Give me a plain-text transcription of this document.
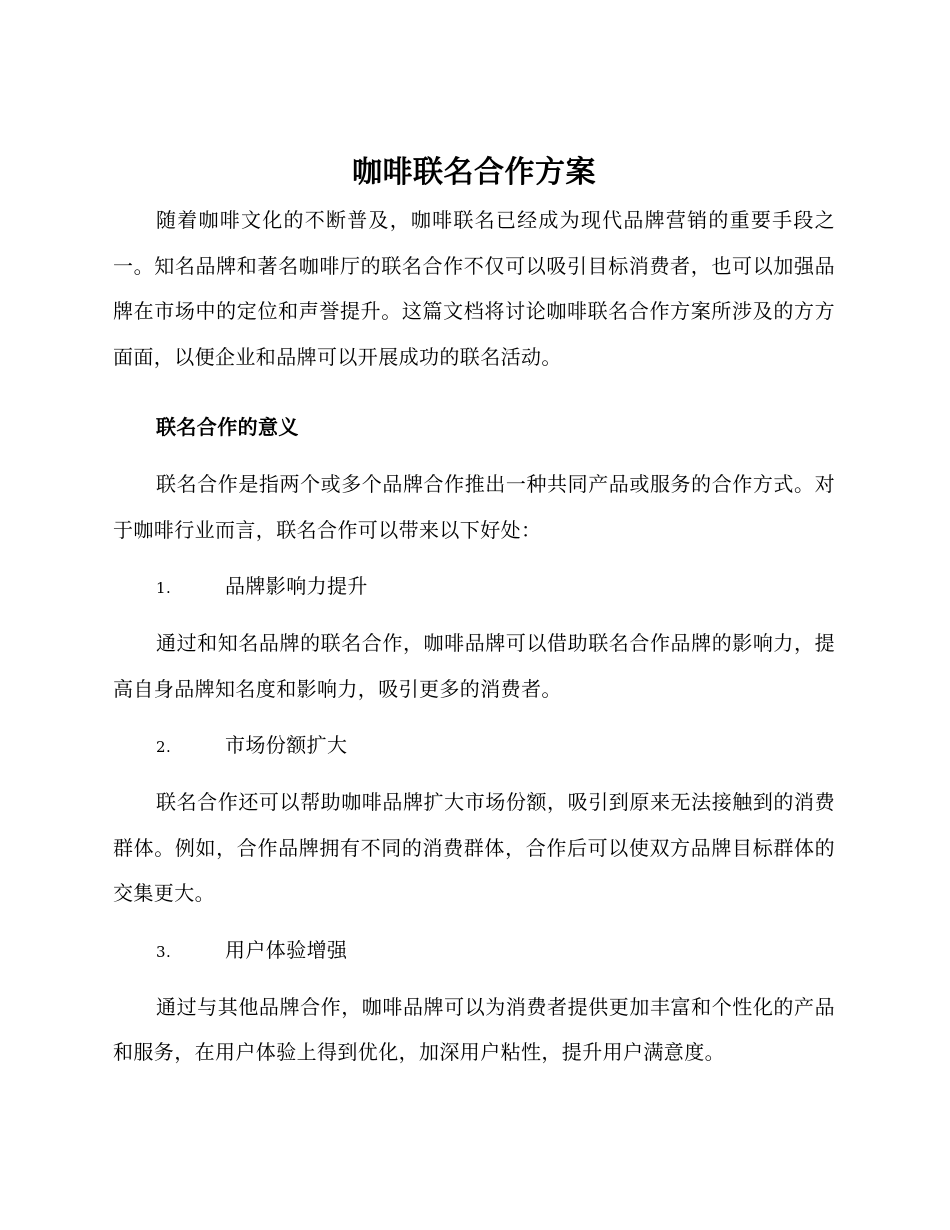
咖啡联名合作方案

随着咖啡文化的不断普及，咖啡联名已经成为现代品牌营销的重要手段之一。知名品牌和著名咖啡厅的联名合作不仅可以吸引目标消费者，也可以加强品牌在市场中的定位和声誉提升。这篇文档将讨论咖啡联名合作方案所涉及的方方面面，以便企业和品牌可以开展成功的联名活动。

联名合作的意义

联名合作是指两个或多个品牌合作推出一种共同产品或服务的合作方式。对于咖啡行业而言，联名合作可以带来以下好处：

1.	品牌影响力提升

通过和知名品牌的联名合作，咖啡品牌可以借助联名合作品牌的影响力，提高自身品牌知名度和影响力，吸引更多的消费者。

2.	市场份额扩大

联名合作还可以帮助咖啡品牌扩大市场份额，吸引到原来无法接触到的消费群体。例如，合作品牌拥有不同的消费群体，合作后可以使双方品牌目标群体的交集更大。

3.	用户体验增强

通过与其他品牌合作，咖啡品牌可以为消费者提供更加丰富和个性化的产品和服务，在用户体验上得到优化，加深用户粘性，提升用户满意度。
